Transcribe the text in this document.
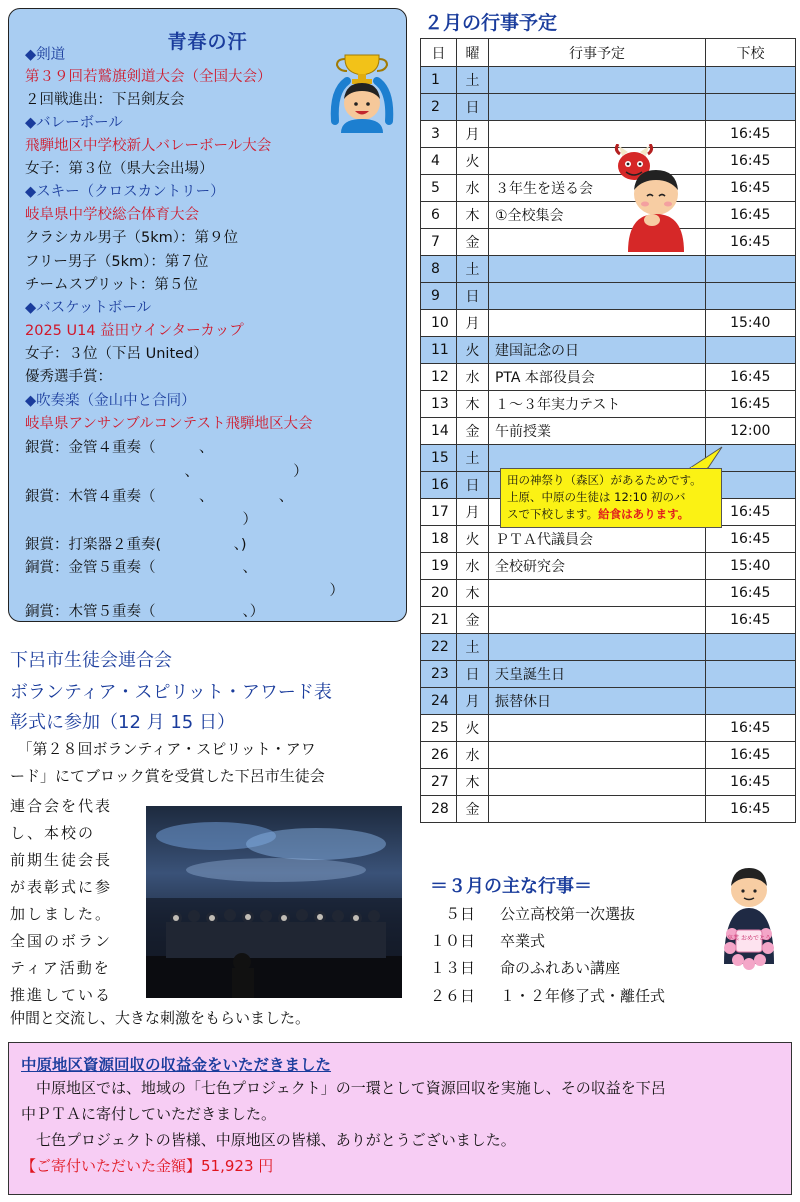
青春の汗
◆剣道
第３９回若鷲旗剣道大会（全国大会）
２回戦進出：下呂剣友会
◆バレーボール
飛騨地区中学校新人バレーボール大会
女子：第３位（県大会出場）
◆スキー（クロスカントリー）
岐阜県中学校総合体育大会
クラシカル男子（5km）：第９位
フリー男子（5km）：第７位
チームスプリット：第５位
◆バスケットボール
2025 U14 益田ウインターカップ
女子：３位（下呂 United）
優秀選手賞：
◆吹奏楽（金山中と合同）
岐阜県アンサンブルコンテスト飛騨地区大会
銀賞：金管４重奏（　　　、
　　　　　　　　　　　、　　　　　　　）
銀賞：木管４重奏（　　　、　　　　　、
　　　　　　　　　　　　　　　）
銀賞：打楽器２重奏(　　　　　、)
銅賞：金管５重奏（　　　　　　、
　　　　　　　　　　　　　　　　　　　　　）
銅賞：木管５重奏（　　　　　　、）
２月の行事予定
日	曜	行事予定	下校
1	土		
2	日		
3	月		16:45
4	火		16:45
5	水	３年生を送る会	16:45
6	木	①全校集会	16:45
7	金		16:45
8	土		
9	日		
10	月		15:40
11	火	建国記念の日	
12	水	PTA 本部役員会	16:45
13	木	１～３年実力テスト	16:45
14	金	午前授業	12:00
15	土		
16	日		
17	月		16:45
18	火	ＰＴＡ代議員会	16:45
19	水	全校研究会	15:40
20	木		16:45
21	金		16:45
22	土		
23	日	天皇誕生日	
24	月	振替休日	
25	火		16:45
26	水		16:45
27	木		16:45
28	金		16:45
田の神祭り（森区）があるためです。
上原、中原の生徒は 12:10 初のバ
スで下校します。給食はあります。
下呂市生徒会連合会
ボランティア・スピリット・アワード表
彰式に参加（12 月 15 日）
　「第２８回ボランティア・スピリット・アワ
ード」にてブロック賞を受賞した下呂市生徒会
連合会を代表
し、本校の
前期生徒会長
が表彰式に参
加しました。
全国のボラン
ティア活動を
推進している
仲間と交流し、大きな刺激をもらいました。
＝３月の主な行事＝
　５日 公立高校第一次選抜
１０日 卒業式
１３日 命のふれあい講座
２６日 １・２年修了式・離任式
卒業 おめでとう
中原地区資源回収の収益金をいただきました
　中原地区では、地域の「七色プロジェクト」の一環として資源回収を実施し、その収益を下呂
中ＰＴＡに寄付していただきました。
　七色プロジェクトの皆様、中原地区の皆様、ありがとうございました。
【ご寄付いただいた金額】51,923 円
